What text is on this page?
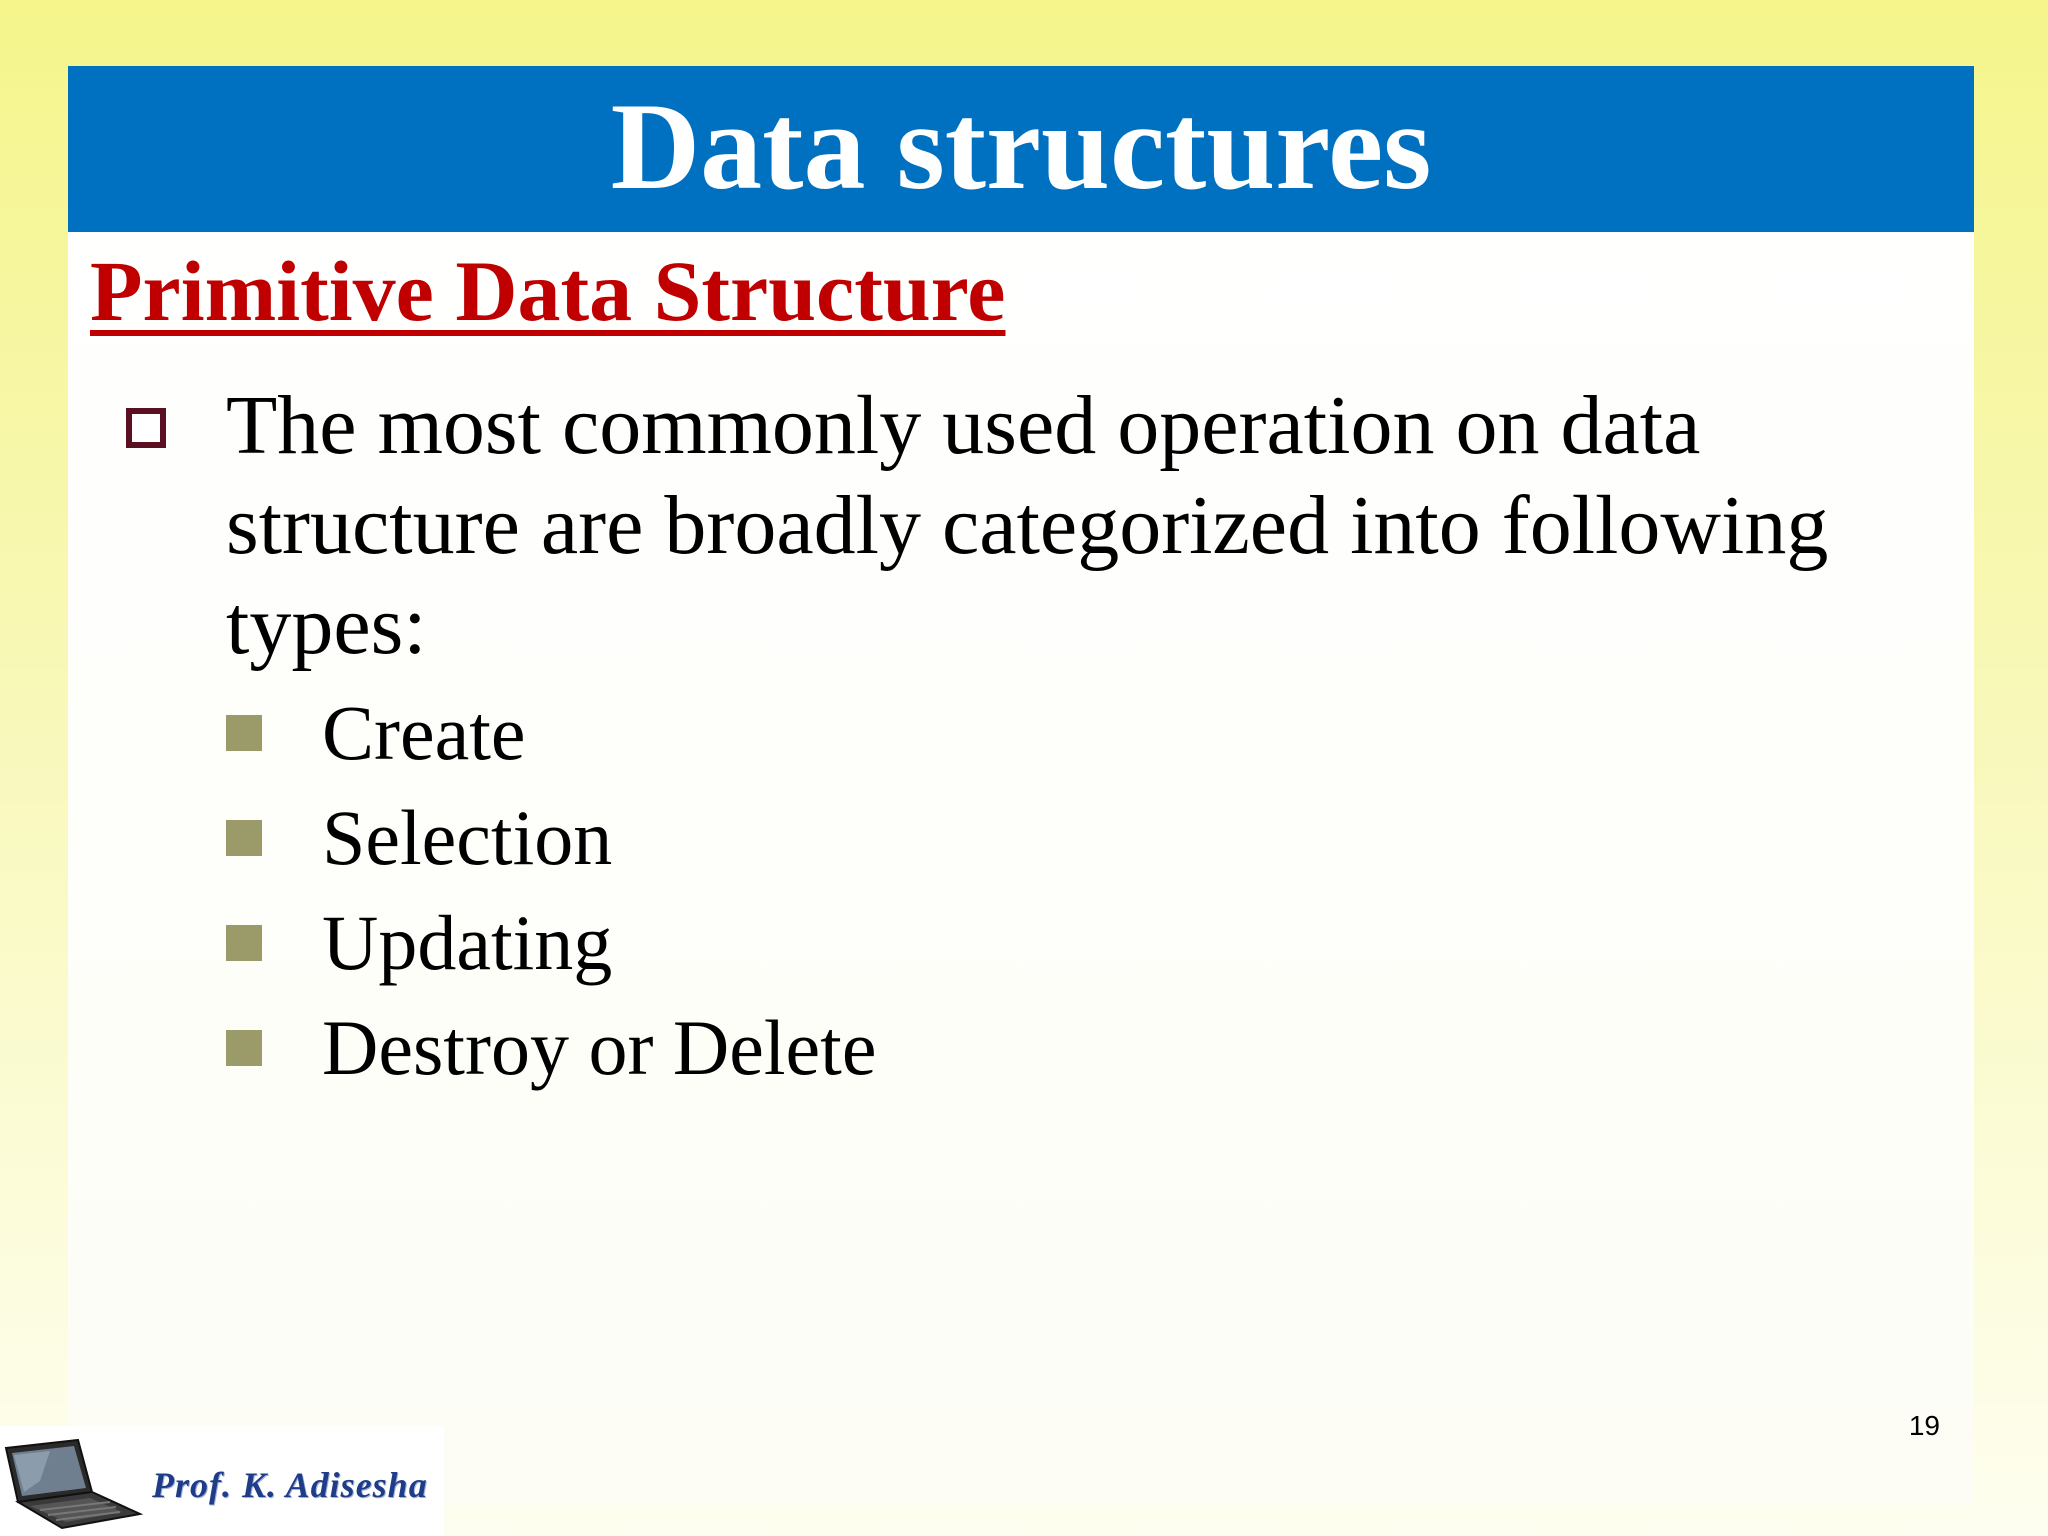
Data structures
Primitive Data Structure
The most commonly used operation on data structure are broadly categorized into following types:
Create
Selection
Updating
Destroy or Delete
19
Prof. K. Adisesha
